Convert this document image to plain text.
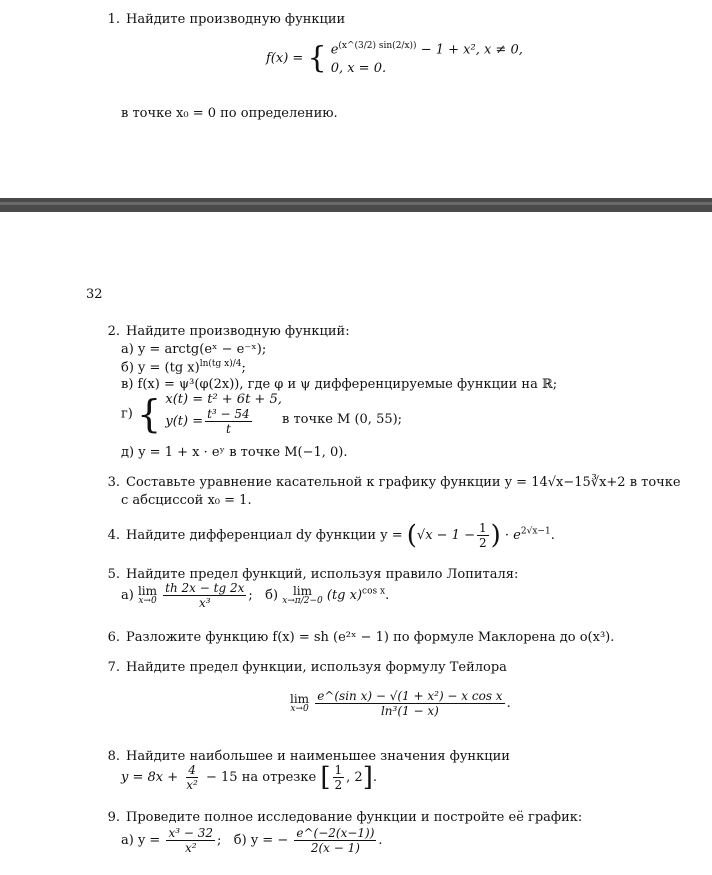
1. Найдите производную функции
f(x) = { $e^{(x\^{}(3/2) sin(2/x))} - 1 + x^2$, x ≠ 0,
0, x = 0.
в точке x₀ = 0 по определению.
32
2. Найдите производную функций:
а) y = arctg(eˣ − e⁻ˣ);
б) y = (tg x)$^{ln(tg x)/4}$;
в) f(x) = ψ³(φ(2x)), где φ и ψ дифференцируемые функции на ℝ;
г) { x(t) = t² + 6t + 5,
$y(t) = \frac{\text{t³ − 54}}{t}$ в точке M (0, 55);
д) y = 1 + x · eʸ в точке M(−1, 0).
3. Составьте уравнение касательной к графику функции y = 14√x−15∛x+2 в точке
с абсциссой x₀ = 1.
4. Найдите дифференциал dy функции $y = (√x - 1 - \frac{1}{2}$ ) · $e^{2√x-1}$.
5. Найдите предел функций, используя правило Лопиталя:
а) lim
x→0
$\frac{th 2x - tg 2x}{\text{x³}}$ ; б) lim
x→π/2−0 (tg x)$^{cos x}$.
6. Разложите функцию f(x) = sh (e²ˣ − 1) по формуле Маклорена до o(x³).
7. Найдите предел функции, используя формулу Тейлора
lim
x→0
$\frac{\text{e\textasciicircum{}(sin x) − √(1 + x²) − x cos x}}{\text{ln³(1 − x)}}$ .
8. Найдите наибольшее и наименьшее значения функции
$y = 8x + \frac{4}{\text{x²}} - 15$ на отрезке [ $\frac{1}{2}$ , 2].
9. Проведите полное исследование функции и постройте её график:
а) $y = \frac{\text{x³ − 32}}{\text{x²}}$ ; б) y = − $\frac{e\^{}(-2(x-1))}{2(x - 1)}$ .
